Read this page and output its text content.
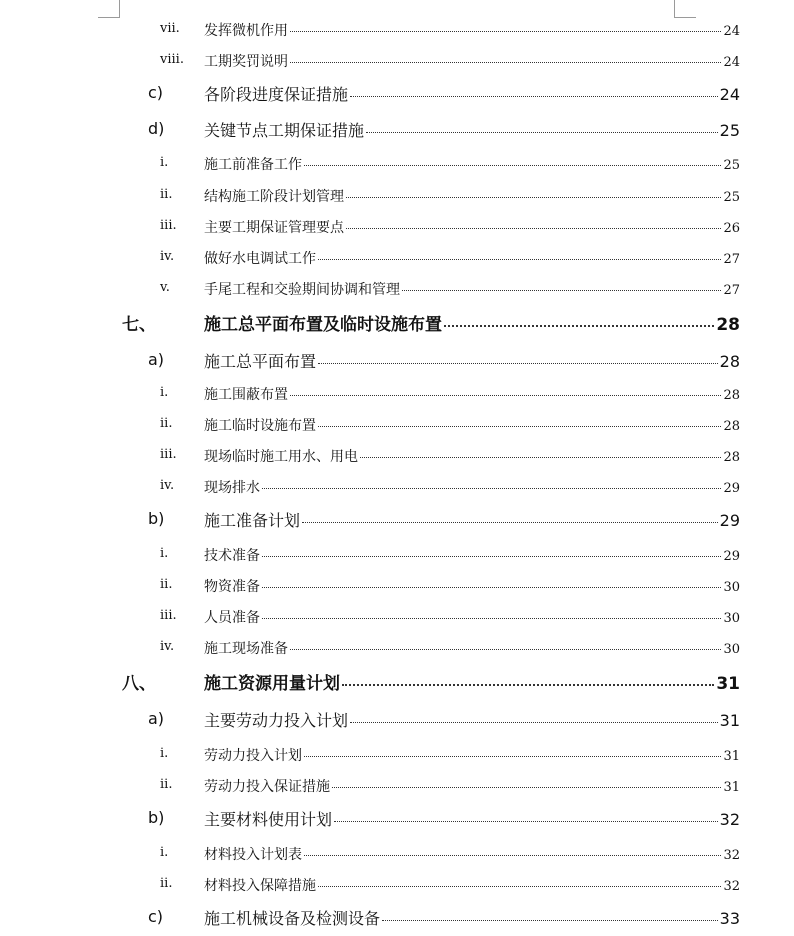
vii. 发挥微机作用	24
viii. 工期奖罚说明	24
c)	各阶段进度保证措施	24
d) 关键节点工期保证措施	25
i.	施工前准备工作	25
ii. 结构施工阶段计划管理	25
iii. 主要工期保证管理要点	26
iv. 做好水电调试工作	27
v. 手尾工程和交验期间协调和管理	27
七、	施工总平面布置及临时设施布置	28
a) 施工总平面布置	28
i.	施工围蔽布置	28
ii. 施工临时设施布置	28
iii. 现场临时施工用水、用电	28
iv. 现场排水	29
b) 施工准备计划	29
i.	技术准备	29
ii. 物资准备	30
iii. 人员准备	30
iv. 施工现场准备	30
八、	施工资源用量计划	31
a) 主要劳动力投入计划	31
i.	劳动力投入计划	31
ii. 劳动力投入保证措施	31
b) 主要材料使用计划	32
i.	材料投入计划表	32
ii. 材料投入保障措施	32
c)	施工机械设备及检测设备	33
